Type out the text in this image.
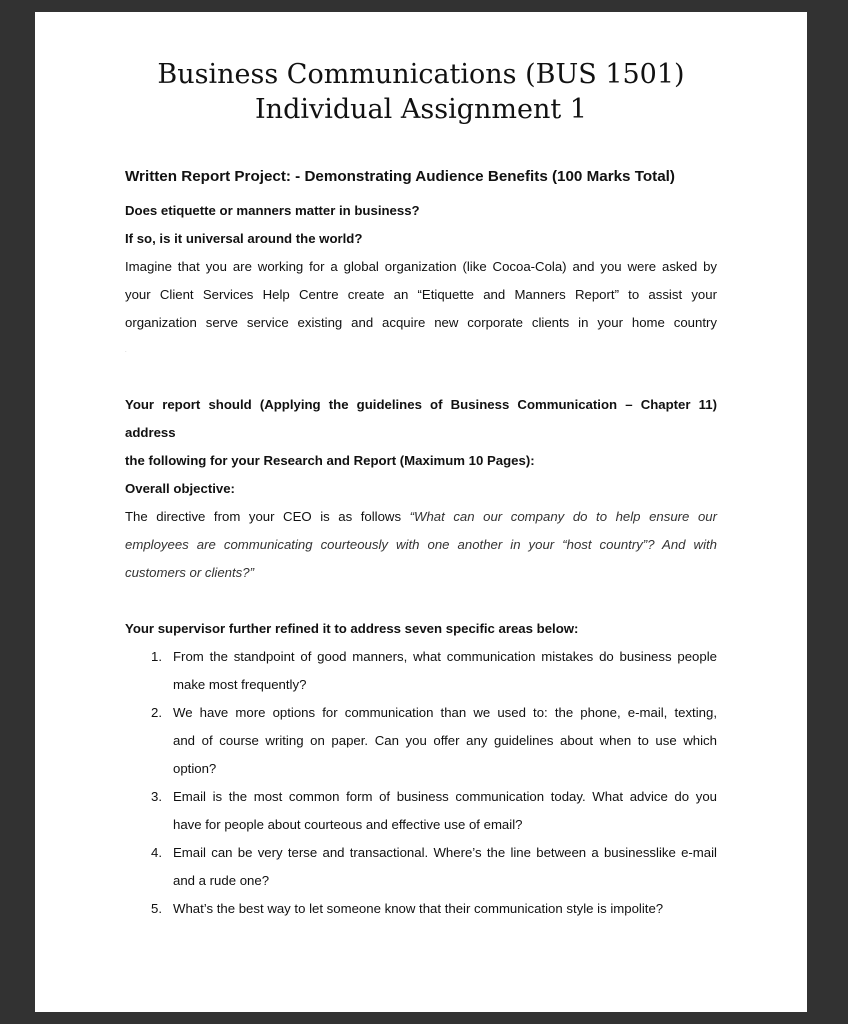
Business Communications (BUS 1501)
Individual Assignment 1
Written Report Project: - Demonstrating Audience Benefits (100 Marks Total)
Does etiquette or manners matter in business?
If so, is it universal around the world?
Imagine that you are working for a global organization (like Cocoa-Cola) and you were asked by
your Client Services Help Centre create an “Etiquette and Manners Report” to assist your
organization serve service existing and acquire new corporate clients in your home country
.
Your report should (Applying the guidelines of Business Communication – Chapter 11) address
the following for your Research and Report (Maximum 10 Pages):
Overall objective:
The directive from your CEO is as follows “What can our company do to help ensure our
employees are communicating courteously with one another in your “host country”? And with
customers or clients?”
Your supervisor further refined it to address seven specific areas below:
1. From the standpoint of good manners, what communication mistakes do business people
make most frequently?
2. We have more options for communication than we used to: the phone, e-mail, texting,
and of course writing on paper. Can you offer any guidelines about when to use which
option?
3. Email is the most common form of business communication today. What advice do you
have for people about courteous and effective use of email?
4. Email can be very terse and transactional. Where’s the line between a businesslike e-mail
and a rude one?
5. What’s the best way to let someone know that their communication style is impolite?
